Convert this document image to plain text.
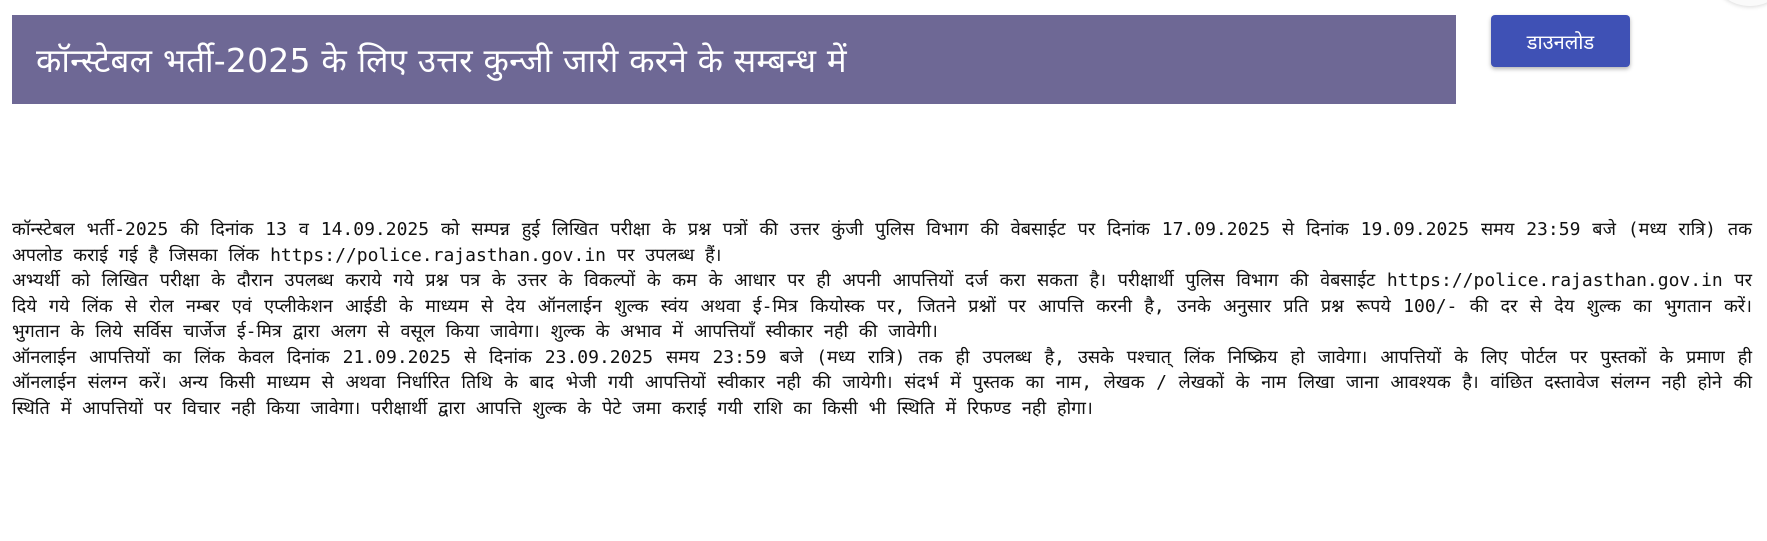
कॉन्स्टेबल भर्ती-2025 के लिए उत्तर कुन्जी जारी करने के सम्बन्ध में	डाउनलोड

कॉन्स्टेबल भर्ती-2025 की दिनांक 13 व 14.09.2025 को सम्पन्न हुई लिखित परीक्षा के प्रश्न पत्रों की उत्तर कुंजी पुलिस विभाग की वेबसाईट पर दिनांक 17.09.2025 से दिनांक 19.09.2025 समय 23:59 बजे (मध्य रात्रि) तक अपलोड कराई गई है जिसका लिंक https://police.rajasthan.gov.in पर उपलब्ध हैं।

अभ्यर्थी को लिखित परीक्षा के दौरान उपलब्ध कराये गये प्रश्न पत्र के उत्तर के विकल्पों के कम के आधार पर ही अपनी आपत्तियों दर्ज करा सकता है। परीक्षार्थी पुलिस विभाग की वेबसाईट https://police.rajasthan.gov.in पर दिये गये लिंक से रोल नम्बर एवं एप्लीकेशन आईडी के माध्यम से देय ऑनलाईन शुल्क स्वंय अथवा ई-मित्र कियोस्क पर, जितने प्रश्नों पर आपत्ति करनी है, उनके अनुसार प्रति प्रश्न रूपये 100/- की दर से देय शुल्क का भुगतान करें। भुगतान के लिये सर्विस चार्जेज ई-मित्र द्वारा अलग से वसूल किया जावेगा। शुल्क के अभाव में आपत्तियाँ स्वीकार नही की जावेगी।

ऑनलाईन आपत्तियों का लिंक केवल दिनांक 21.09.2025 से दिनांक 23.09.2025 समय 23:59 बजे (मध्य रात्रि) तक ही उपलब्ध है, उसके पश्चात् लिंक निष्क्रिय हो जावेगा। आपत्तियों के लिए पोर्टल पर पुस्तकों के प्रमाण ही ऑनलाईन संलग्न करें। अन्य किसी माध्यम से अथवा निर्धारित तिथि के बाद भेजी गयी आपत्तियों स्वीकार नही की जायेगी। संदर्भ में पुस्तक का नाम, लेखक / लेखकों के नाम लिखा जाना आवश्यक है। वांछित दस्तावेज संलग्न नही होने की स्थिति में आपत्तियों पर विचार नही किया जावेगा। परीक्षार्थी द्वारा आपत्ति शुल्क के पेटे जमा कराई गयी राशि का किसी भी स्थिति में रिफण्ड नही होगा।
